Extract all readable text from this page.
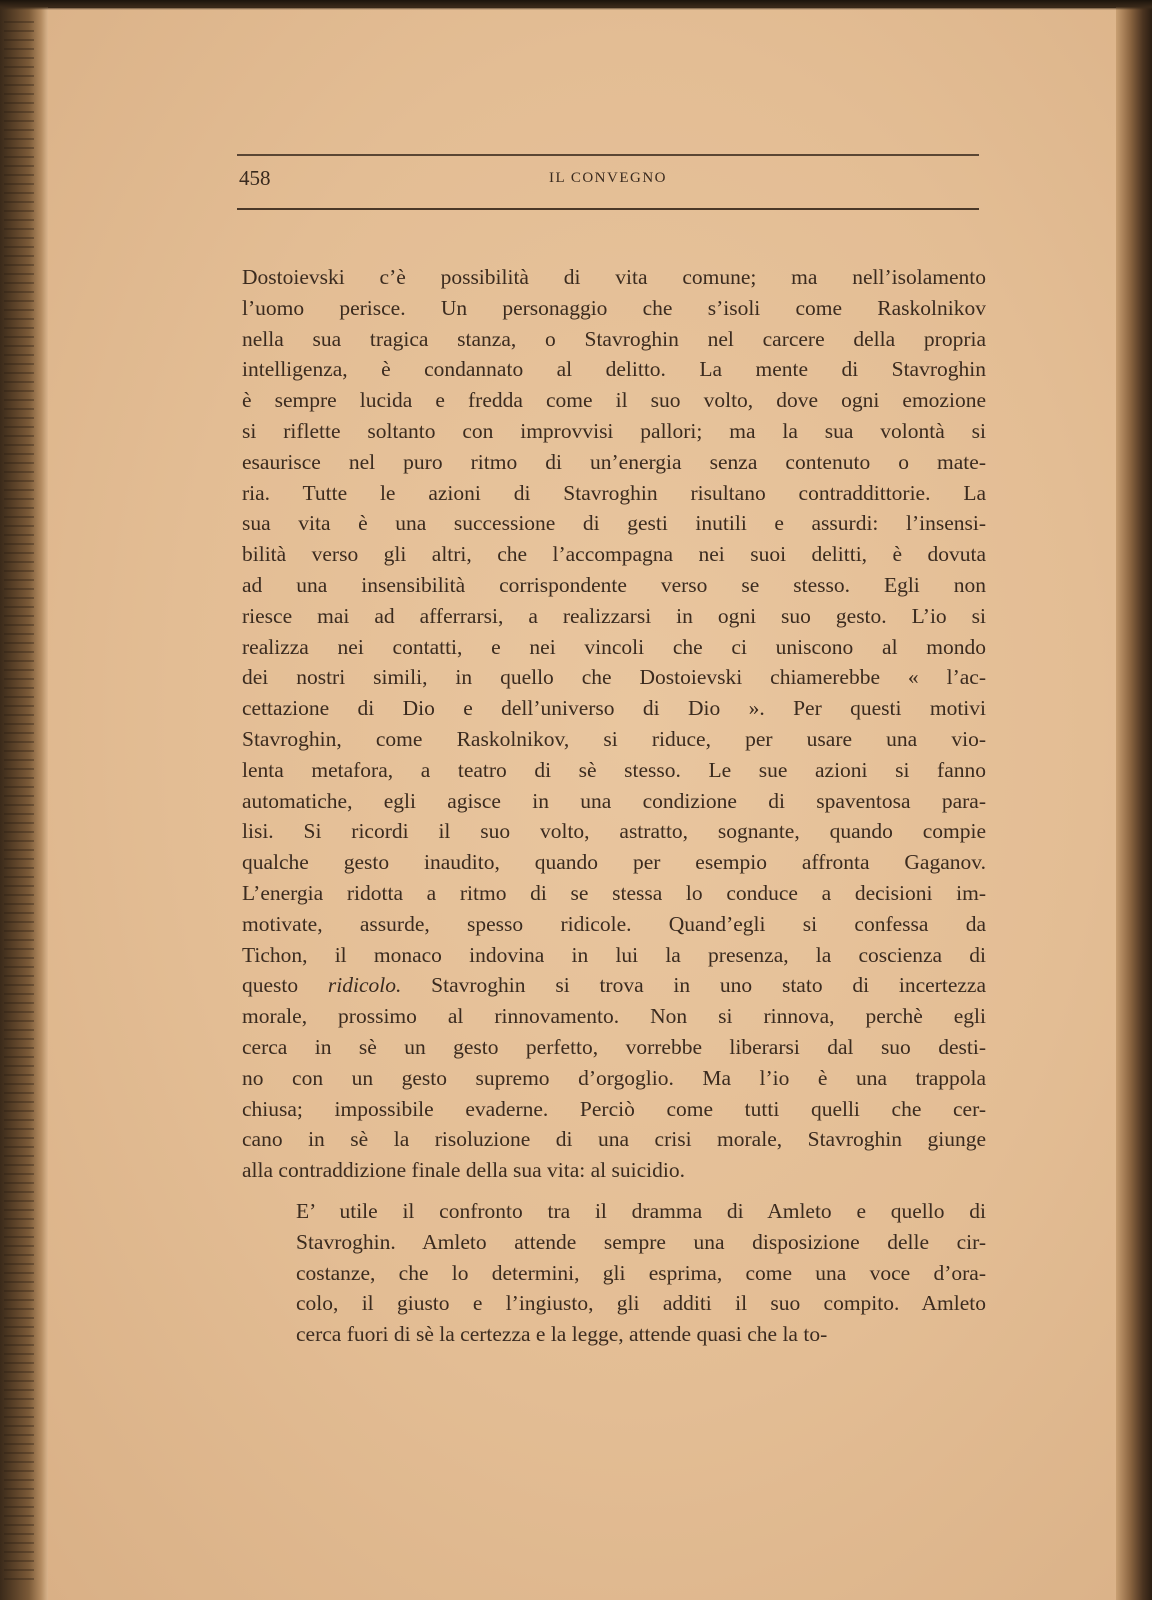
458	IL CONVEGNO
Dostoievski c’è possibilità di vita comune; ma nell’isolamento
l’uomo perisce. Un personaggio che s’isoli come Raskolnikov
nella sua tragica stanza, o Stavroghin nel carcere della propria
intelligenza, è condannato al delitto. La mente di Stavroghin
è sempre lucida e fredda come il suo volto, dove ogni emozione
si riflette soltanto con improvvisi pallori; ma la sua volontà si
esaurisce nel puro ritmo di un’energia senza contenuto o mate-
ria. Tutte le azioni di Stavroghin risultano contraddittorie. La
sua vita è una successione di gesti inutili e assurdi: l’insensi-
bilità verso gli altri, che l’accompagna nei suoi delitti, è dovuta
ad una insensibilità corrispondente verso se stesso. Egli non
riesce mai ad afferrarsi, a realizzarsi in ogni suo gesto. L’io si
realizza nei contatti, e nei vincoli che ci uniscono al mondo
dei nostri simili, in quello che Dostoievski chiamerebbe « l’ac-
cettazione di Dio e dell’universo di Dio ». Per questi motivi
Stavroghin, come Raskolnikov, si riduce, per usare una vio-
lenta metafora, a teatro di sè stesso. Le sue azioni si fanno
automatiche, egli agisce in una condizione di spaventosa para-
lisi. Si ricordi il suo volto, astratto, sognante, quando compie
qualche gesto inaudito, quando per esempio affronta Gaganov.
L’energia ridotta a ritmo di se stessa lo conduce a decisioni im-
motivate, assurde, spesso ridicole. Quand’egli si confessa da
Tichon, il monaco indovina in lui la presenza, la coscienza di
questo ridicolo. Stavroghin si trova in uno stato di incertezza
morale, prossimo al rinnovamento. Non si rinnova, perchè egli
cerca in sè un gesto perfetto, vorrebbe liberarsi dal suo desti-
no con un gesto supremo d’orgoglio. Ma l’io è una trappola
chiusa; impossibile evaderne. Perciò come tutti quelli che cer-
cano in sè la risoluzione di una crisi morale, Stavroghin giunge
alla contraddizione finale della sua vita: al suicidio.
E’ utile il confronto tra il dramma di Amleto e quello di
Stavroghin. Amleto attende sempre una disposizione delle cir-
costanze, che lo determini, gli esprima, come una voce d’ora-
colo, il giusto e l’ingiusto, gli additi il suo compito. Amleto
cerca fuori di sè la certezza e la legge, attende quasi che la to-
